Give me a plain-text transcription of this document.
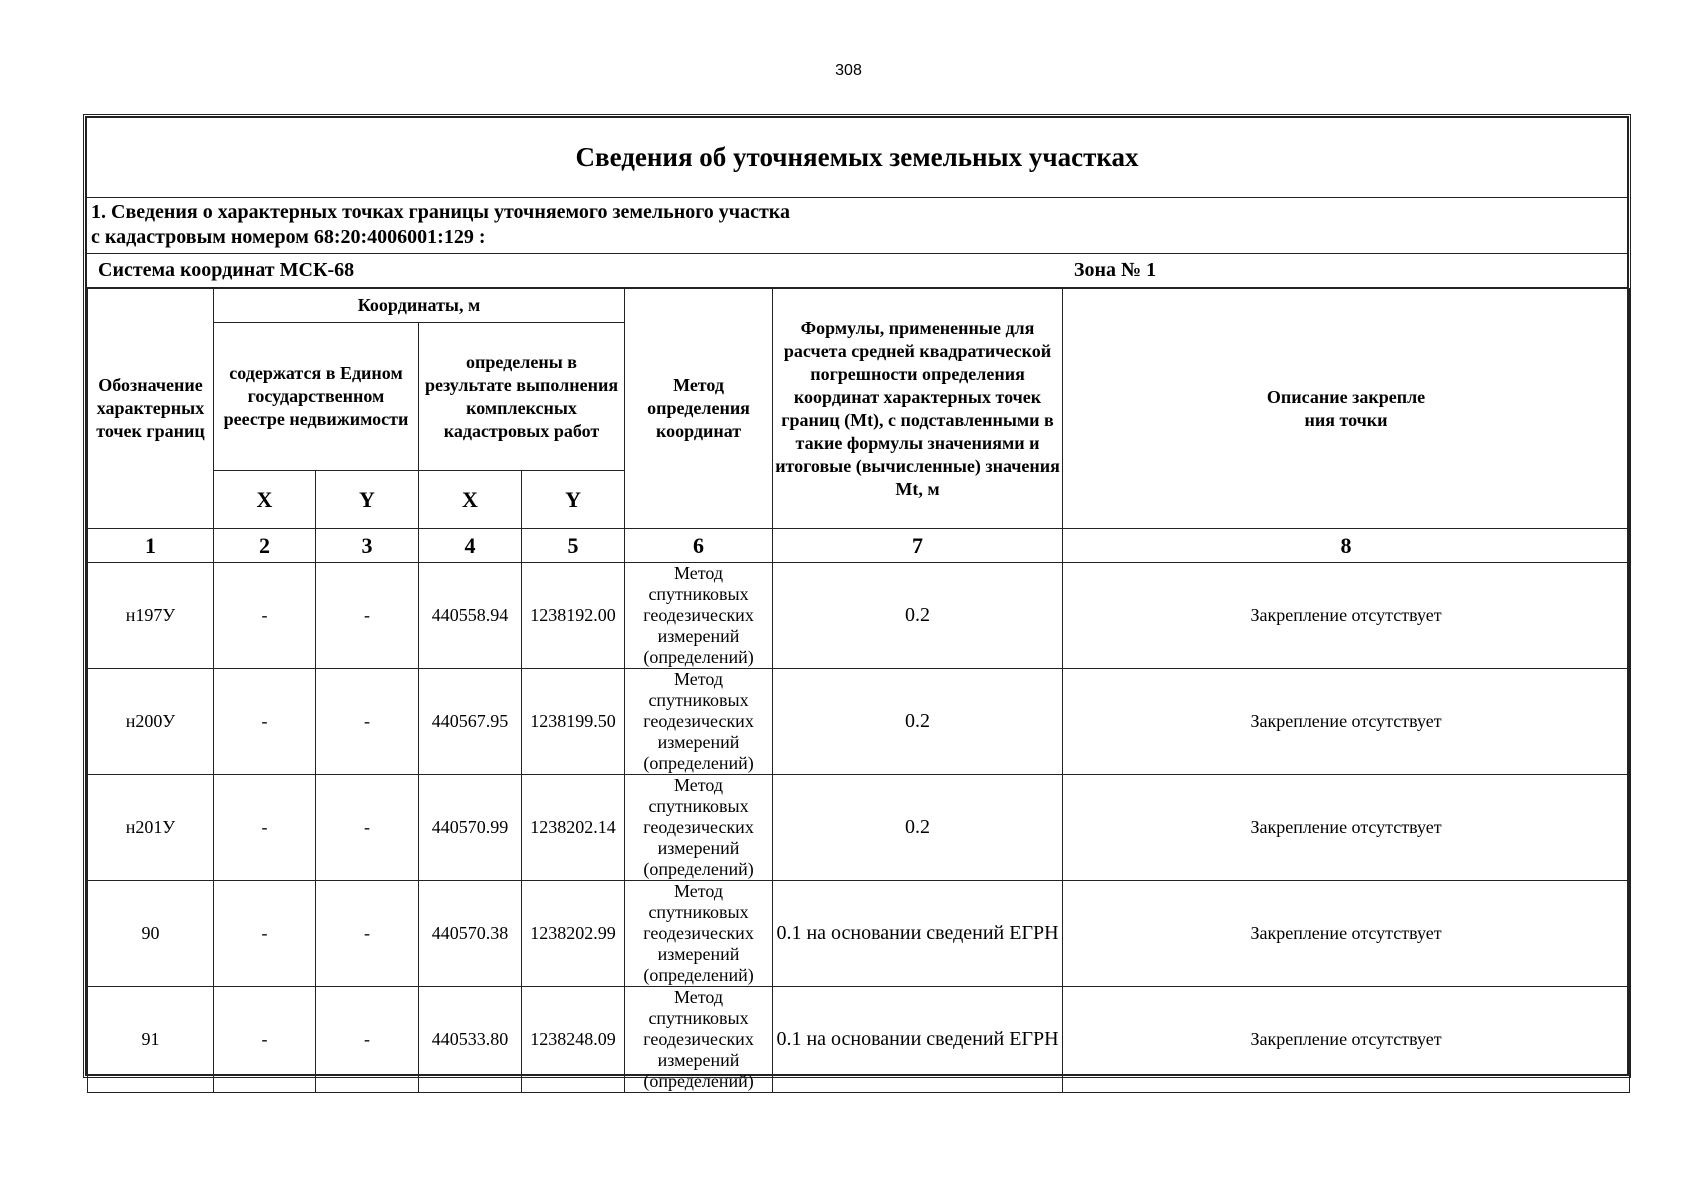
308
Сведения об уточняемых земельных участках
1. Сведения о характерных точках границы уточняемого земельного участка
с кадастровым номером 68:20:4006001:129 :
Система координат МСК-68	Зона № 1
Обозначение характерных точек границ	Координаты, м				Метод определения координат	Формулы, примененные для расчета средней квадратической погрешности определения координат характерных точек границ (Mt), с подставленными в такие формулы значениями и итоговые (вычисленные) значения Mt, м	Описание закрепле
ния точки

	содержатся в Едином государственном реестре недвижимости		определены в результате выполнения комплексных кадастровых работ				
	X	Y	X	Y			
1	2	3	4	5	6	7	8
н197У	-	-	440558.94	1238192.00	Метод спутниковых геодезических измерений (определений)	0.2	Закрепление отсутствует
н200У	-	-	440567.95	1238199.50	Метод спутниковых геодезических измерений (определений)	0.2	Закрепление отсутствует
н201У	-	-	440570.99	1238202.14	Метод спутниковых геодезических измерений (определений)	0.2	Закрепление отсутствует
90	-	-	440570.38	1238202.99	Метод спутниковых геодезических измерений (определений)	0.1 на основании сведений ЕГРН	Закрепление отсутствует
91	-	-	440533.80	1238248.09	Метод спутниковых геодезических измерений (определений)	0.1 на основании сведений ЕГРН	Закрепление отсутствует
